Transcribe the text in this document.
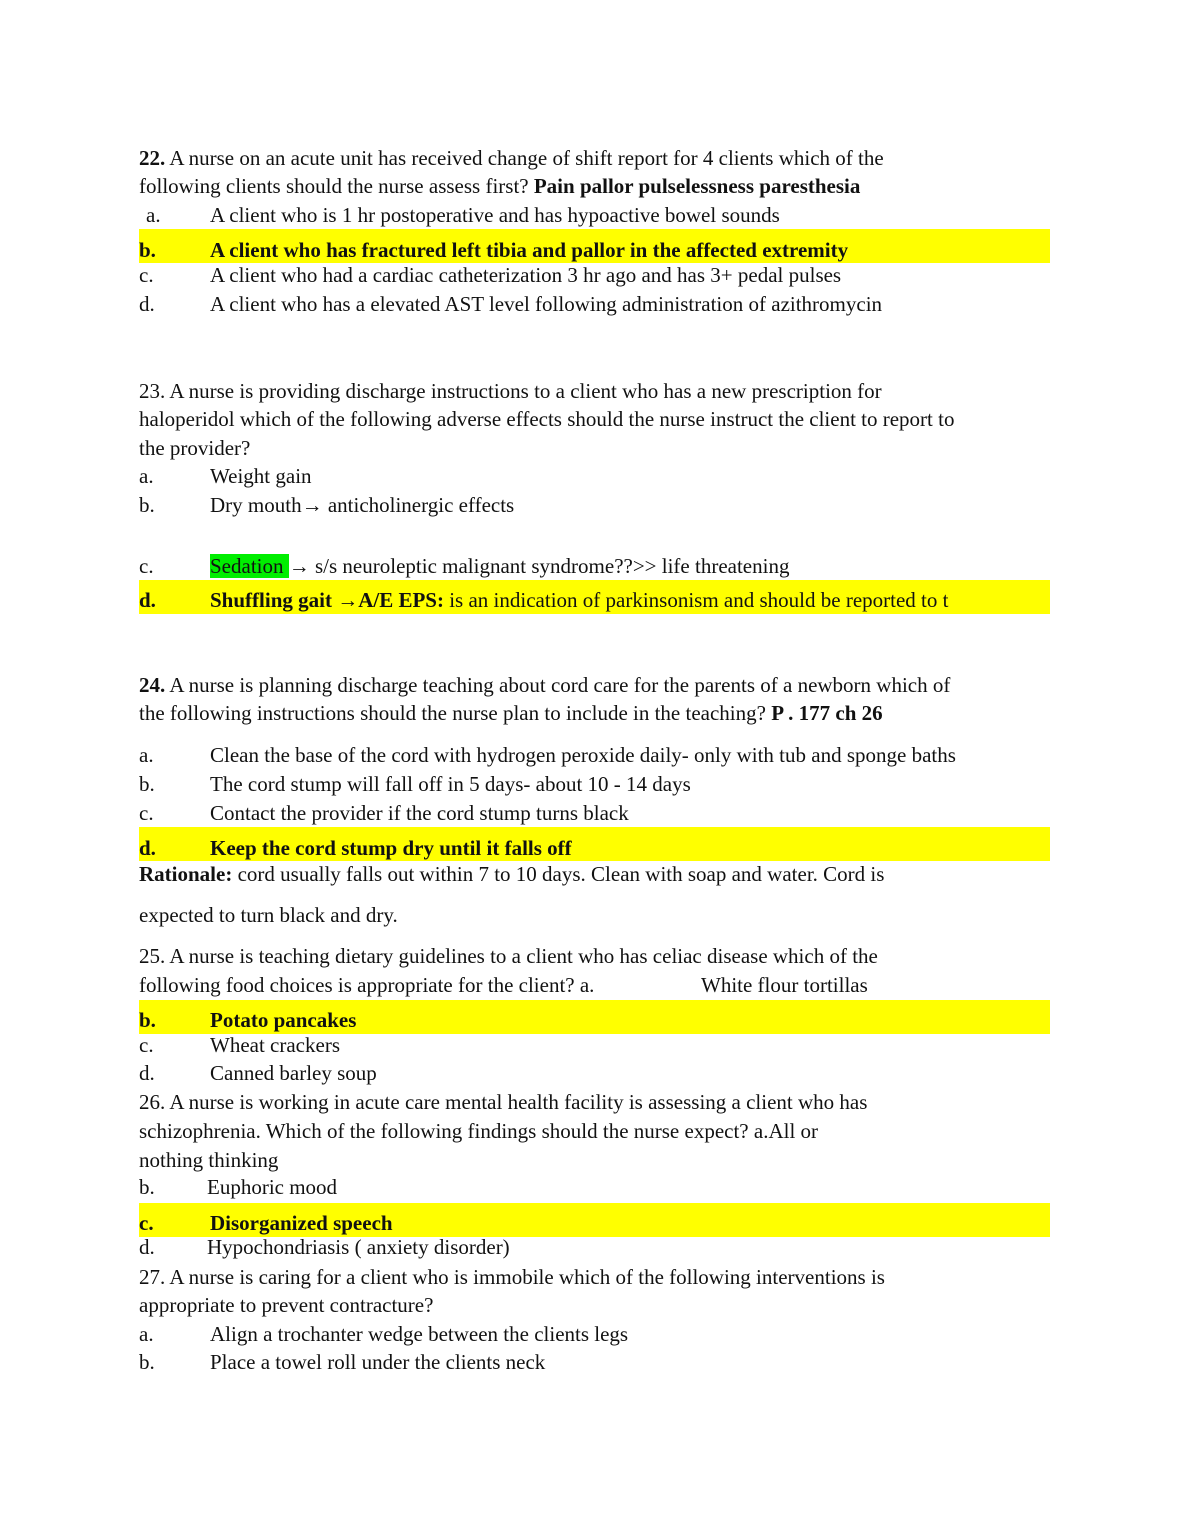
22. A nurse on an acute unit has received change of shift report for 4 clients which of the
following clients should the nurse assess first? Pain pallor pulselessness paresthesia
a. A client who is 1 hr postoperative and has hypoactive bowel sounds
b.	A client who has fractured left tibia and pallor in the affected extremity
c.	A client who had a cardiac catheterization 3 hr ago and has 3+ pedal pulses
d.	A client who has a elevated AST level following administration of azithromycin
23. A nurse is providing discharge instructions to a client who has a new prescription for
haloperidol which of the following adverse effects should the nurse instruct the client to report to
the provider?
a.	Weight gain
b.	Dry mouth→ anticholinergic effects
c.	Sedation → s/s neuroleptic malignant syndrome??>> life threatening
d.	Shuffling gait →A/E EPS: is an indication of parkinsonism and should be reported to t
24. A nurse is planning discharge teaching about cord care for the parents of a newborn which of
the following instructions should the nurse plan to include in the teaching? P . 177 ch 26
a.	Clean the base of the cord with hydrogen peroxide daily- only with tub and sponge baths
b.	The cord stump will fall off in 5 days- about 10 - 14 days
c.	Contact the provider if the cord stump turns black
d.	Keep the cord stump dry until it falls off
Rationale: cord usually falls out within 7 to 10 days. Clean with soap and water. Cord is
expected to turn black and dry.
25. A nurse is teaching dietary guidelines to a client who has celiac disease which of the
following food choices is appropriate for the client? a.	White flour tortillas
b.	Potato pancakes
c.	Wheat crackers
d.	Canned barley soup
26. A nurse is working in acute care mental health facility is assessing a client who has
schizophrenia. Which of the following findings should the nurse expect? a.All or
nothing thinking
b. Euphoric mood
c.	Disorganized speech
d. Hypochondriasis ( anxiety disorder)
27. A nurse is caring for a client who is immobile which of the following interventions is
appropriate to prevent contracture?
a.	Align a trochanter wedge between the clients legs
b.	Place a towel roll under the clients neck
